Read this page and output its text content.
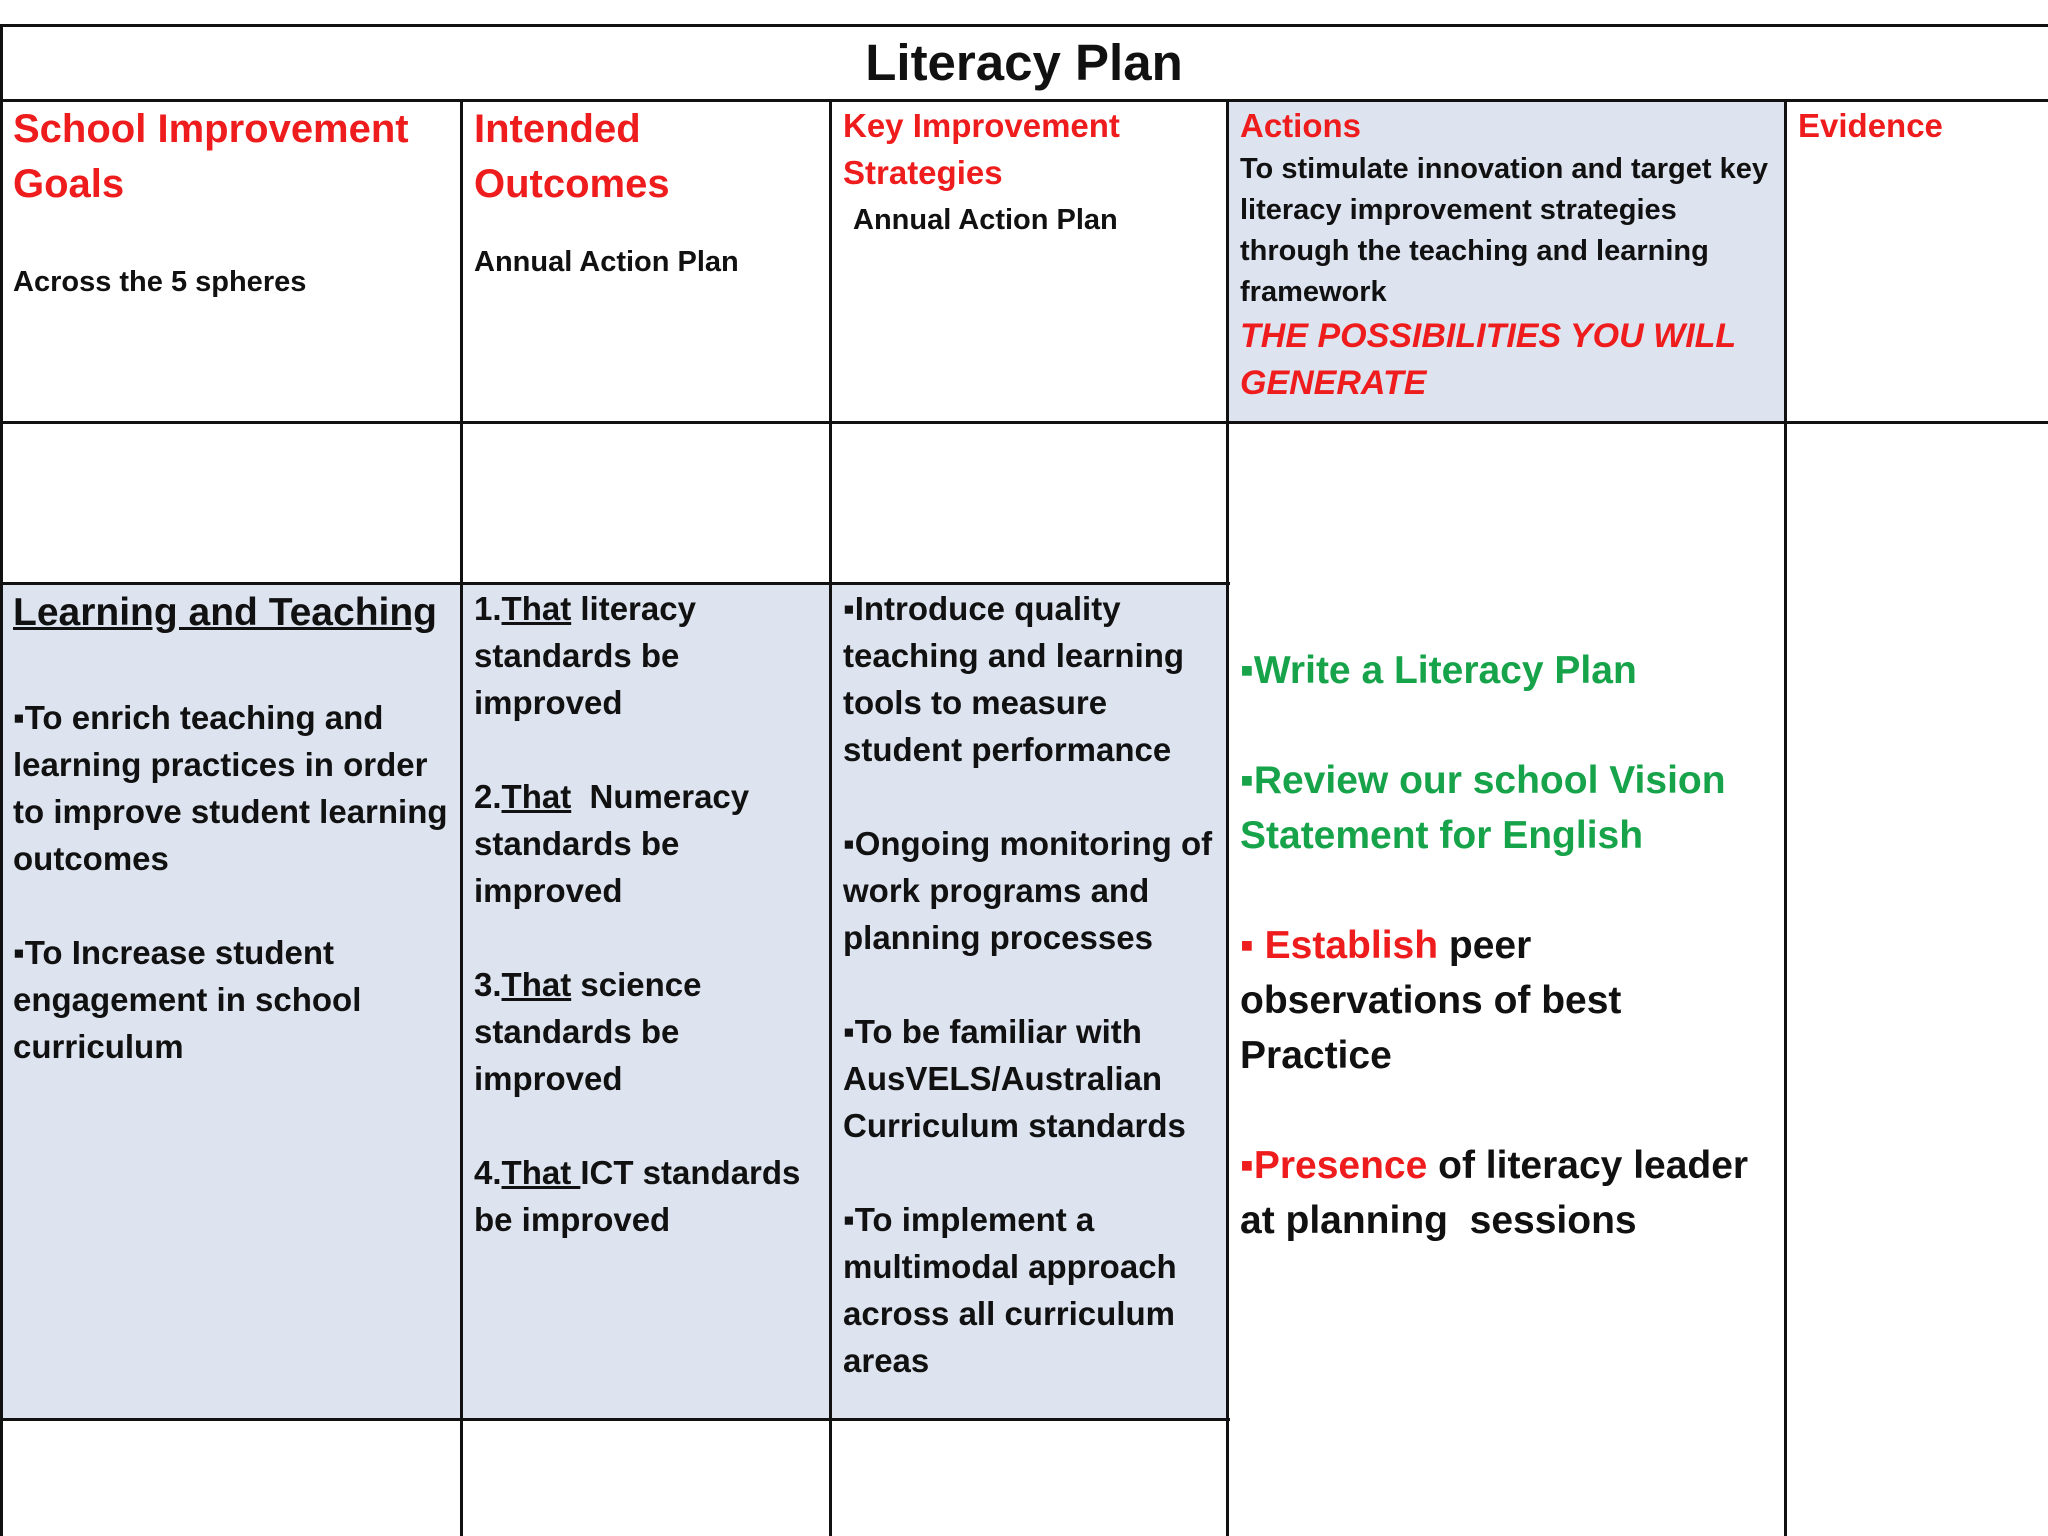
Literacy Plan

School Improvement Goals

Across the 5 spheres

Intended Outcomes

Annual Action Plan

Key Improvement Strategies

Annual Action Plan

Actions

To stimulate innovation and target key literacy improvement strategies through the teaching and learning framework

THE POSSIBILITIES YOU WILL GENERATE

Evidence

Learning and Teaching

▪To enrich teaching and learning practices in order to improve student learning outcomes

▪To Increase student engagement in school curriculum

1.That literacy standards be improved

2.That  Numeracy standards be improved

3.That science standards be improved

4.That ICT standards be improved

▪Introduce quality teaching and learning tools to measure student performance

▪Ongoing monitoring of work programs and planning processes

▪To be familiar with AusVELS/Australian Curriculum standards

▪To implement a multimodal approach across all curriculum areas

▪Write a Literacy Plan

▪Review our school Vision Statement for English

▪ Establish peer observations of best Practice

▪Presence of literacy leader at planning  sessions
